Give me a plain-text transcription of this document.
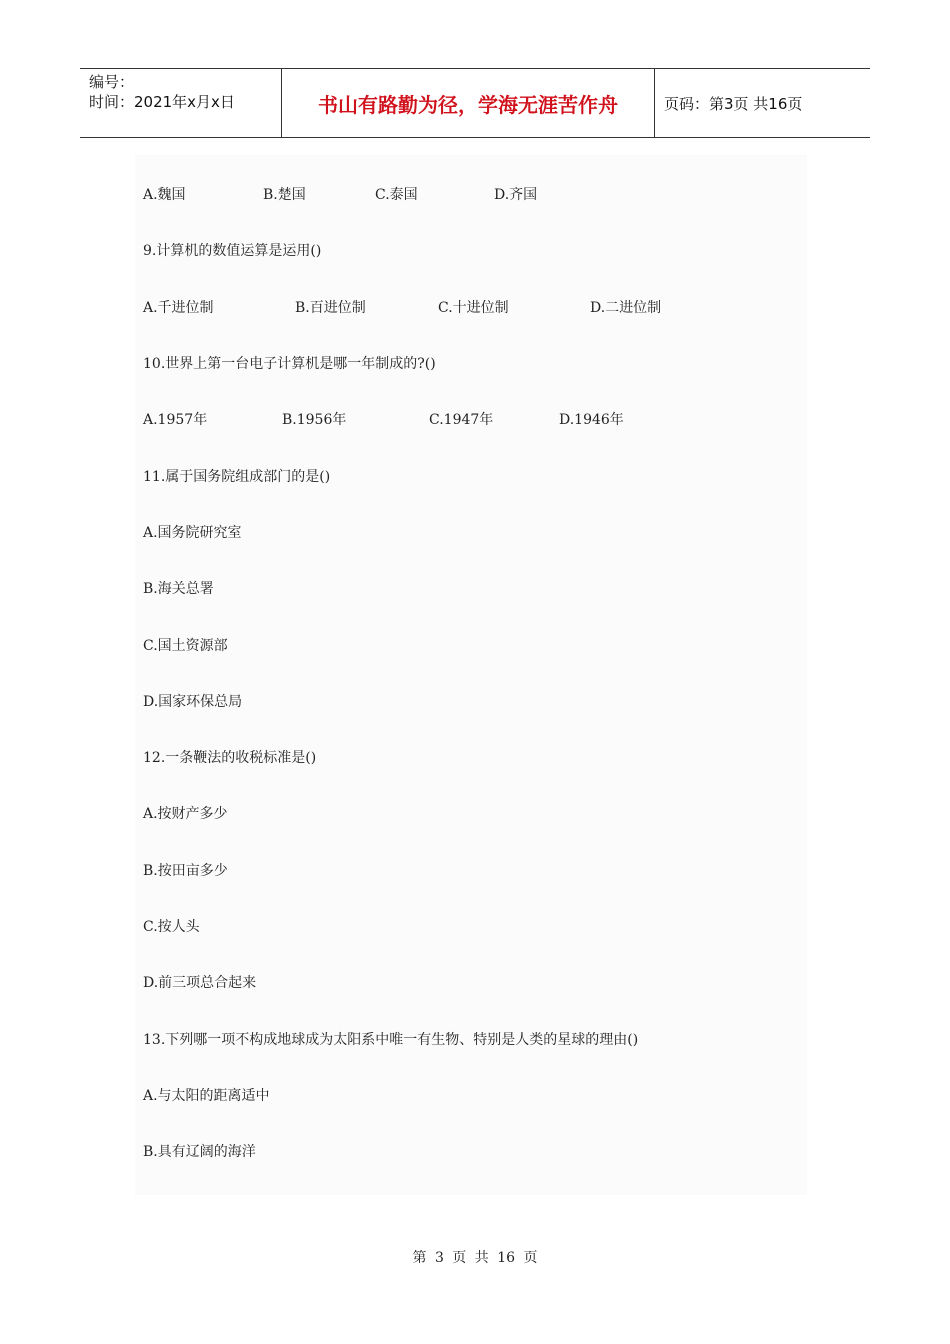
编号：
时间：2021年x月x日	书山有路勤为径，学海无涯苦作舟	页码：第3页 共16页
A.魏国	B.楚国	C.泰国	D.齐国
9.计算机的数值运算是运用()
A.千进位制	B.百进位制	C.十进位制	D.二进位制
10.世界上第一台电子计算机是哪一年制成的?()
A.1957年	B.1956年	C.1947年	D.1946年
11.属于国务院组成部门的是()
A.国务院研究室
B.海关总署
C.国土资源部
D.国家环保总局
12.一条鞭法的收税标准是()
A.按财产多少
B.按田亩多少
C.按人头
D.前三项总合起来
13.下列哪一项不构成地球成为太阳系中唯一有生物、特别是人类的星球的理由()
A.与太阳的距离适中
B.具有辽阔的海洋
第 3 页 共 16 页
